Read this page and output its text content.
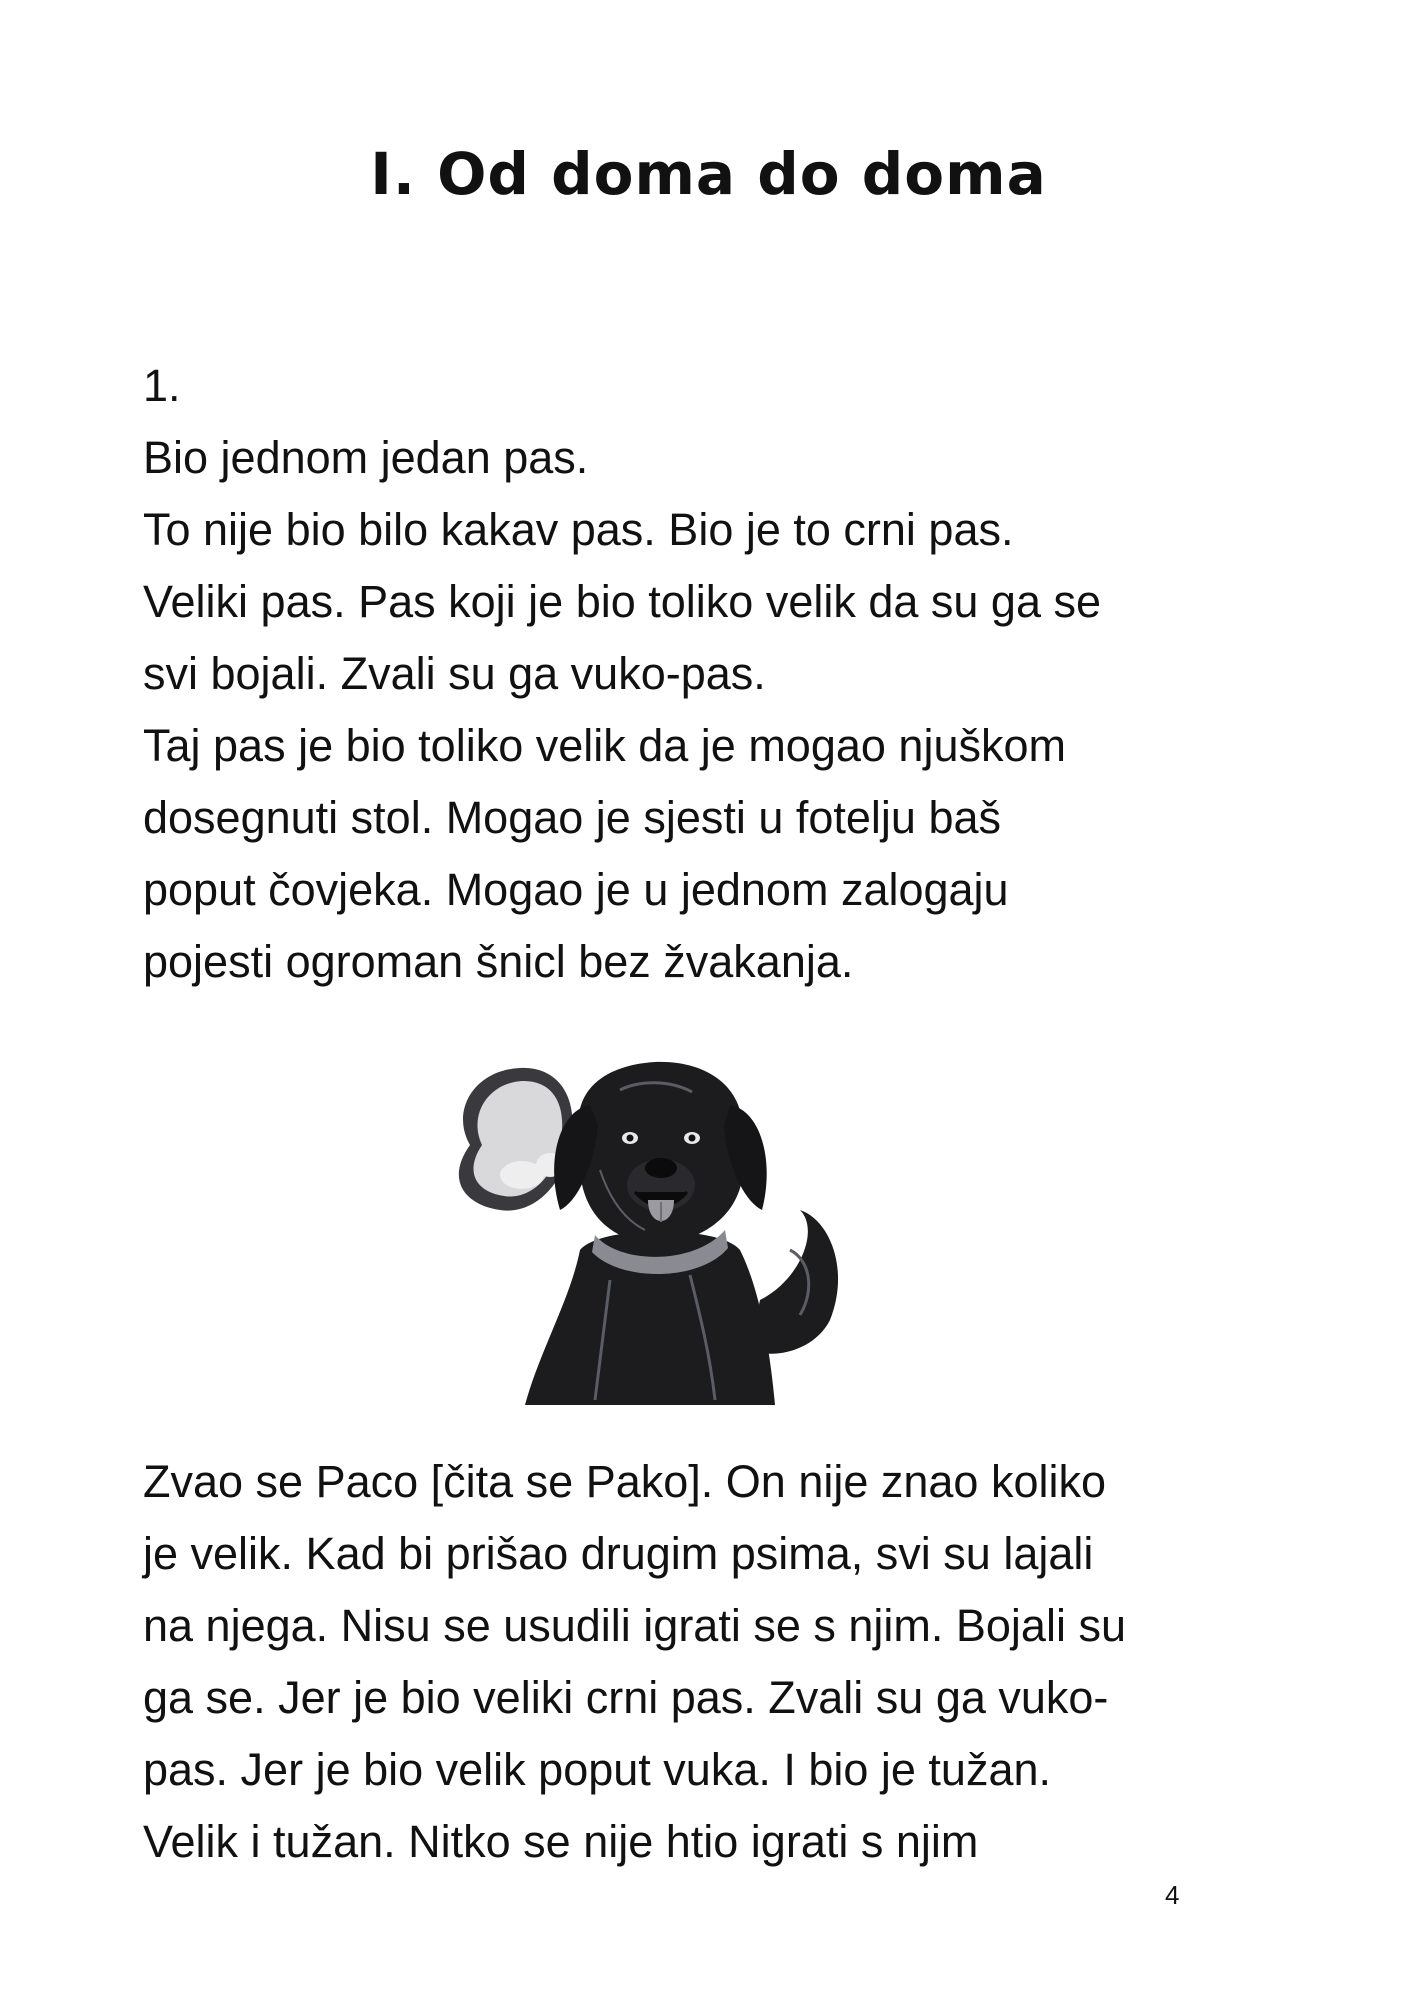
I. Od doma do doma
1.
Bio jednom jedan pas.
To nije bio bilo kakav pas. Bio je to crni pas.
Veliki pas. Pas koji je bio toliko velik da su ga se
svi bojali. Zvali su ga vuko-pas.
Taj pas je bio toliko velik da je mogao njuškom
dosegnuti stol. Mogao je sjesti u fotelju baš
poput čovjeka. Mogao je u jednom zalogaju
pojesti ogroman šnicl bez žvakanja.
Zvao se Paco [čita se Pako]. On nije znao koliko
je velik. Kad bi prišao drugim psima, svi su lajali
na njega. Nisu se usudili igrati se s njim. Bojali su
ga se. Jer je bio veliki crni pas. Zvali su ga vuko-
pas. Jer je bio velik poput vuka. I bio je tužan.
Velik i tužan. Nitko se nije htio igrati s njim
4
